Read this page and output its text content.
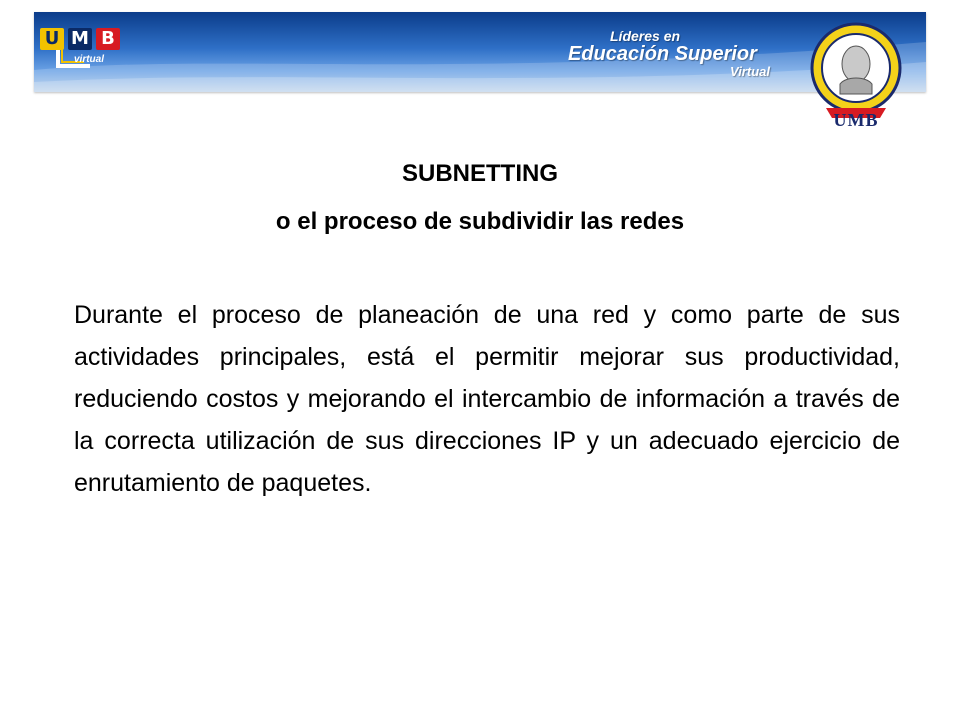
U M B
virtual
Líderes en
Educación Superior
Virtual
UMB
SUBNETTING
o el proceso de subdividir las redes
Durante el proceso de planeación de una red y como parte de sus actividades principales, está el permitir mejorar sus productividad, reduciendo costos y mejorando el intercambio de información a través de la correcta utilización de sus direcciones IP y un adecuado ejercicio de enrutamiento de paquetes.
